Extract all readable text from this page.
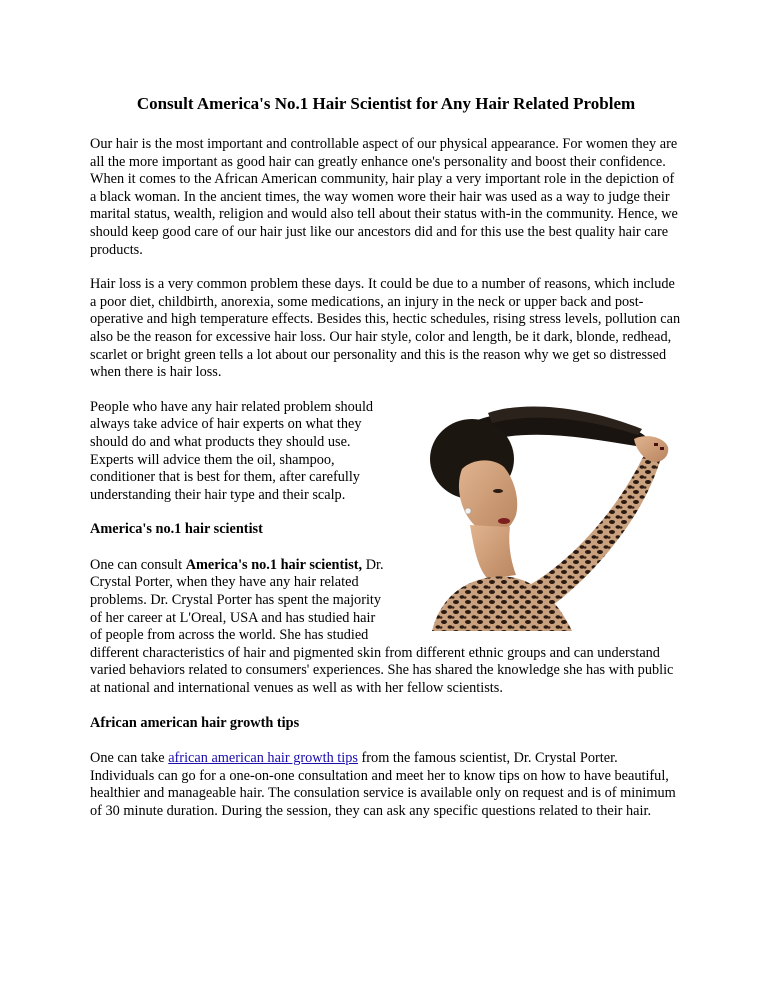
Consult America's No.1 Hair Scientist for Any Hair Related Problem

Our hair is the most important and controllable aspect of our physical appearance. For women they are all the more important as good hair can greatly enhance one's personality and boost their confidence. When it comes to the African American community, hair play a very important role in the depiction of a black woman. In the ancient times, the way women wore their hair was used as a way to judge their marital status, wealth, religion and would also tell about their status with-in the community. Hence, we should keep good care of our hair just like our ancestors did and for this use the best quality hair care products.

Hair loss is a very common problem these days. It could be due to a number of reasons, which include a poor diet, childbirth, anorexia, some medications, an injury in the neck or upper back and post-operative and high temperature effects. Besides this, hectic schedules, rising stress levels, pollution can also be the reason for excessive hair loss. Our hair style, color and length, be it dark, blonde, redhead, scarlet or bright green tells a lot about our personality and this is the reason why we get so distressed when there is hair loss.

People who have any hair related problem should always take advice of hair experts on what they should do and what products they should use. Experts will advice them the oil, shampoo, conditioner that is best for them, after carefully understanding their hair type and their scalp.

America's no.1 hair scientist

One can consult America's no.1 hair scientist, Dr. Crystal Porter, when they have any hair related problems. Dr. Crystal Porter has spent the majority of her career at L'Oreal, USA and has studied hair of people from across the world. She has studied different characteristics of hair and pigmented skin from different ethnic groups and can understand varied behaviors related to consumers' experiences. She has shared the knowledge she has with public at national and international venues as well as with her fellow scientists.

African american hair growth tips

One can take african american hair growth tips from the famous scientist, Dr. Crystal Porter. Individuals can go for a one-on-one consultation and meet her to know tips on how to have beautiful, healthier and manageable hair. The consulation service is available only on request and is of minimum of 30 minute duration. During the session, they can ask any specific questions related to their hair.
